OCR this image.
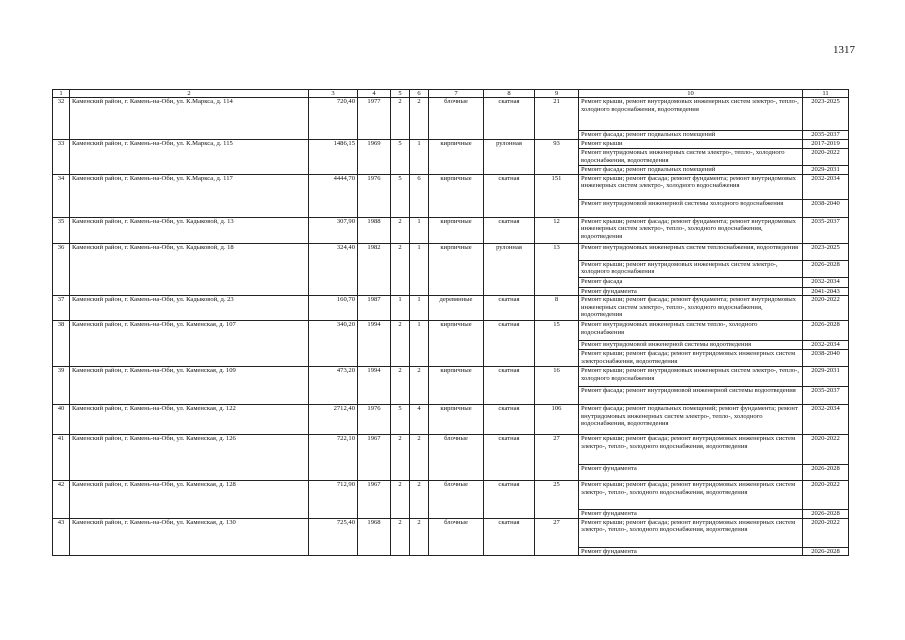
1317
1	2	3	4	5	6	7	8	9	10	11
32	Каменский район, г. Камень-на-Оби, ул. К.Маркса, д. 114	720,40	1977	2	2	блочные	скатная	21	Ремонт крыши, ремонт внутридомовых инженерных систем электро-, тепло-, холодного водоснабжения, водоотведения	2023-2025
									Ремонт фасада; ремонт подвальных помещений	2035-2037
33	Каменский район, г. Камень-на-Оби, ул. К.Маркса, д. 115	1486,15	1969	5	1	кирпичные	рулонная	93	Ремонт крыши	2017-2019
									Ремонт внутридомовых инженерных систем электро-, тепло-, холодного водоснабжения, водоотведения	2020-2022
									Ремонт фасада; ремонт подвальных помещений	2029-2031
34	Каменский район, г. Камень-на-Оби, ул. К.Маркса, д. 117	4444,70	1976	5	6	кирпичные	скатная	151	Ремонт крыши; ремонт фасада; ремонт фундамента; ремонт внутридомовых инженерных систем электро-, холодного водоснабжения	2032-2034
									Ремонт внутридомовой инженерной системы холодного водоснабжения	2038-2040
35	Каменский район, г. Камень-на-Оби, ул. Кадыковой, д. 13	307,90	1988	2	1	кирпичные	скатная	12	Ремонт крыши; ремонт фасада; ремонт фундамента; ремонт внутридомовых инженерных систем электро-, тепло-, холодного водоснабжения, водоотведения	2035-2037
36	Каменский район, г. Камень-на-Оби, ул. Кадыковой, д. 18	324,40	1982	2	1	кирпичные	рулонная	13	Ремонт внутридомовых инженерных систем теплоснабжения, водоотведения	2023-2025
									Ремонт крыши; ремонт внутридомовых инженерных систем электро-, холодного водоснабжения	2026-2028
									Ремонт фасада	2032-2034
									Ремонт фундамента	2041-2043
37	Каменский район, г. Камень-на-Оби, ул. Кадыковой, д. 23	160,70	1987	1	1	деревянные	скатная	8	Ремонт крыши; ремонт фасада; ремонт фундамента; ремонт внутридомовых инженерных систем электро-, тепло-, холодного водоснабжения, водоотведения	2020-2022
38	Каменский район, г. Камень-на-Оби, ул. Каменская, д. 107	340,20	1994	2	1	кирпичные	скатная	15	Ремонт внутридомовых инженерных систем тепло-, холодного водоснабжения	2026-2028
									Ремонт внутридомовой инженерной системы водоотведения	2032-2034
									Ремонт крыши; ремонт фасада; ремонт внутридомовых инженерных систем электроснабжения, водоотведения	2038-2040
39	Каменский район, г. Камень-на-Оби, ул. Каменская, д. 109	473,20	1994	2	2	кирпичные	скатная	16	Ремонт крыши; ремонт внутридомовых инженерных систем электро-, тепло-, холодного водоснабжения	2029-2031
									Ремонт фасада; ремонт внутридомовой инженерной системы водоотведения	2035-2037
40	Каменский район, г. Камень-на-Оби, ул. Каменская, д. 122	2712,40	1976	5	4	кирпичные	скатная	106	Ремонт фасада; ремонт подвальных помещений; ремонт фундамента; ремонт внутридомовых инженерных систем электро-, тепло-, холодного водоснабжения, водоотведения	2032-2034
41	Каменский район, г. Камень-на-Оби, ул. Каменская, д. 126	722,10	1967	2	2	блочные	скатная	27	Ремонт крыши; ремонт фасада; ремонт внутридомовых инженерных систем электро-, тепло-, холодного водоснабжения, водоотведения	2020-2022
									Ремонт фундамента	2026-2028
42	Каменский район, г. Камень-на-Оби, ул. Каменская, д. 128	712,90	1967	2	2	блочные	скатная	25	Ремонт крыши; ремонт фасада; ремонт внутридомовых инженерных систем электро-, тепло-, холодного водоснабжения, водоотведения	2020-2022
									Ремонт фундамента	2026-2028
43	Каменский район, г. Камень-на-Оби, ул. Каменская, д. 130	725,40	1968	2	2	блочные	скатная	27	Ремонт крыши; ремонт фасада; ремонт внутридомовых инженерных систем электро-, тепло-, холодного водоснабжения, водоотведения	2020-2022
									Ремонт фундамента	2026-2028
